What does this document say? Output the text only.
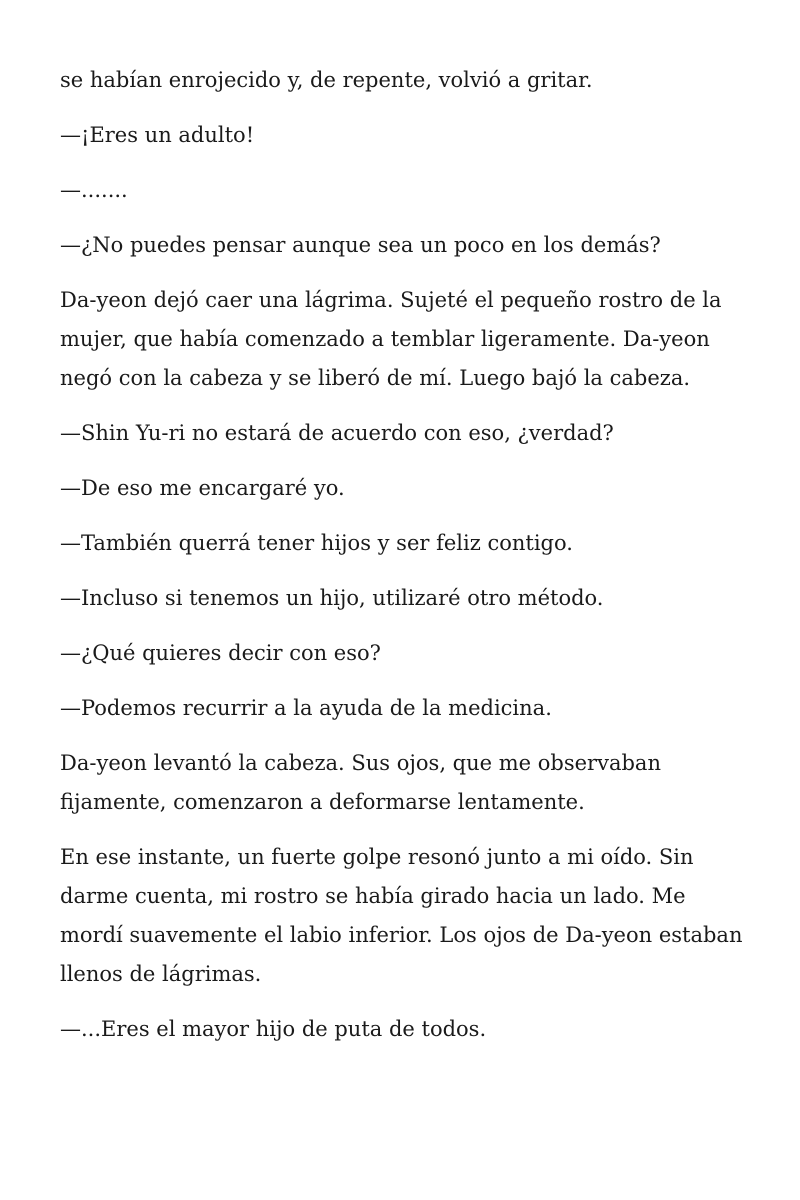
se habían enrojecido y, de repente, volvió a gritar.

—¡Eres un adulto!

—.......

—¿No puedes pensar aunque sea un poco en los demás?

Da-yeon dejó caer una lágrima. Sujeté el pequeño rostro de la mujer, que había comenzado a temblar ligeramente. Da-yeon negó con la cabeza y se liberó de mí. Luego bajó la cabeza.

—Shin Yu-ri no estará de acuerdo con eso, ¿verdad?

—De eso me encargaré yo.

—También querrá tener hijos y ser feliz contigo.

—Incluso si tenemos un hijo, utilizaré otro método.

—¿Qué quieres decir con eso?

—Podemos recurrir a la ayuda de la medicina.

Da-yeon levantó la cabeza. Sus ojos, que me observaban fijamente, comenzaron a deformarse lentamente.

En ese instante, un fuerte golpe resonó junto a mi oído. Sin darme cuenta, mi rostro se había girado hacia un lado. Me mordí suavemente el labio inferior. Los ojos de Da-yeon estaban llenos de lágrimas.

—...Eres el mayor hijo de puta de todos.
